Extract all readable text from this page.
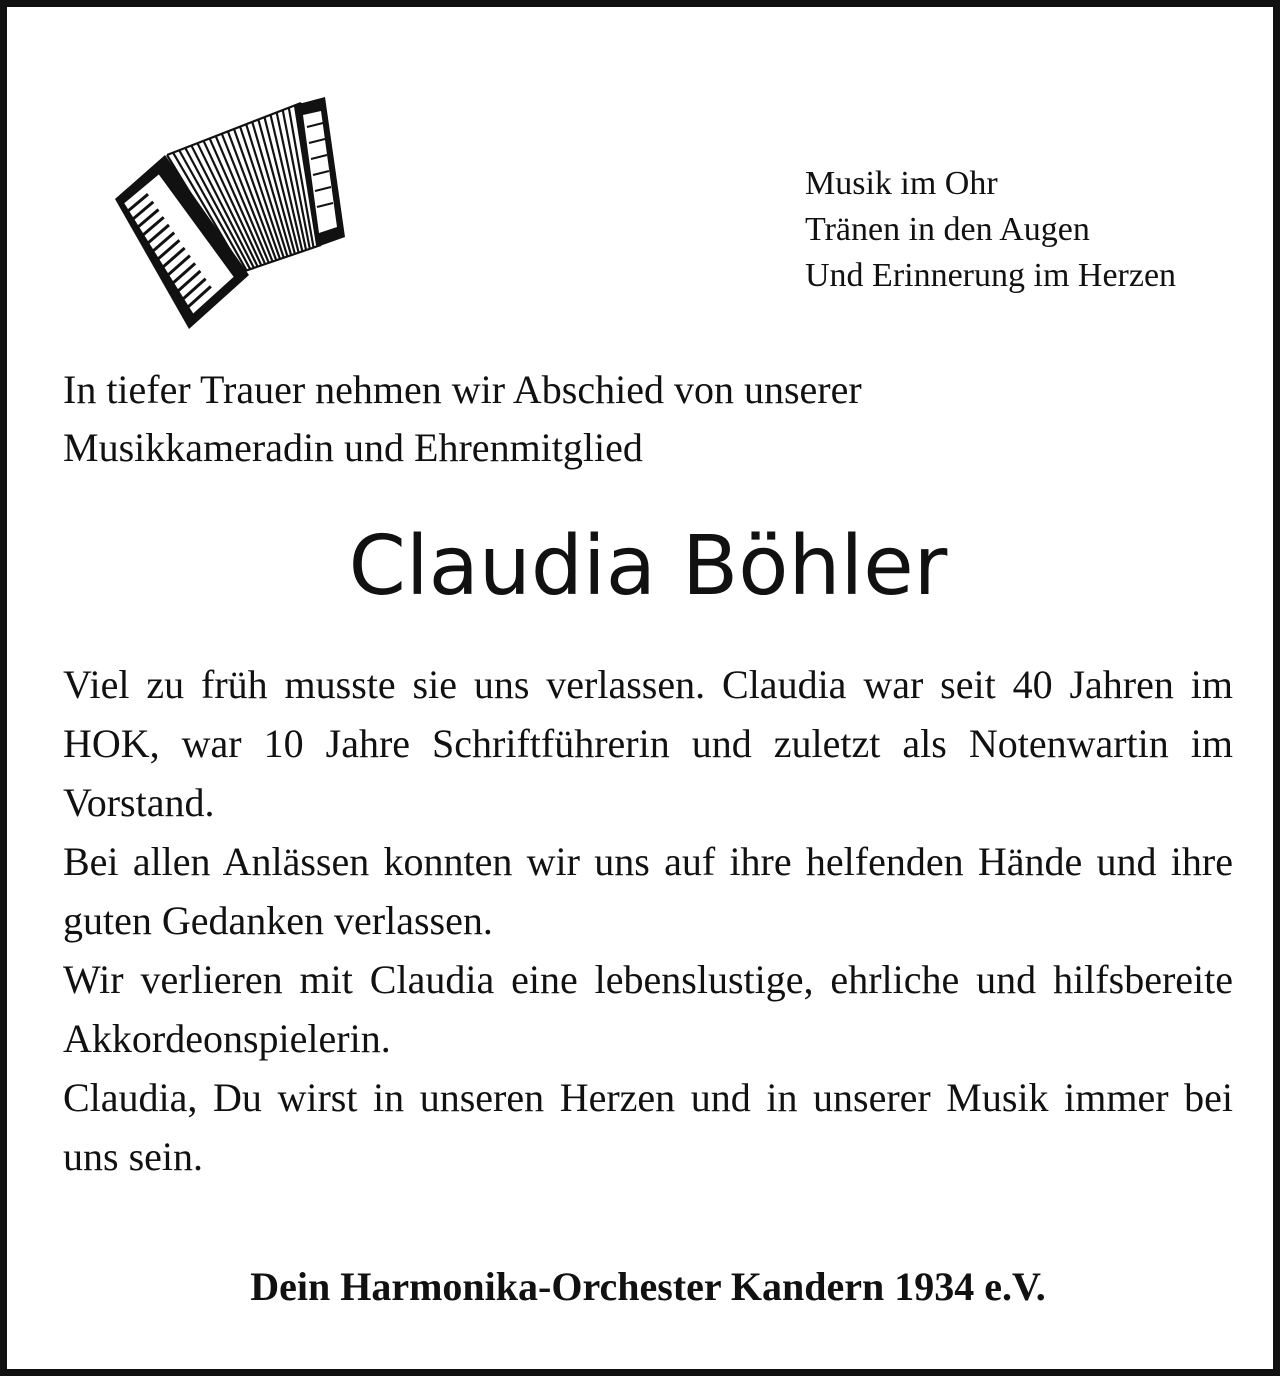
Musik im Ohr
Tränen in den Augen
Und Erinnerung im Herzen
In tiefer Trauer nehmen wir Abschied von unserer
Musikkameradin und Ehrenmitglied
Claudia Böhler

Viel zu früh musste sie uns verlassen. Claudia war seit 40 Jahren im HOK, war 10 Jahre Schriftführerin und zuletzt als Notenwartin im Vorstand.

Bei allen Anlässen konnten wir uns auf ihre helfenden Hände und ihre guten Gedanken verlassen.

Wir verlieren mit Claudia eine lebenslustige, ehrliche und hilfsbereite Akkordeonspielerin.

Claudia, Du wirst in unseren Herzen und in unserer Musik immer bei uns sein.

Dein Harmonika-Orchester Kandern 1934 e.V.
